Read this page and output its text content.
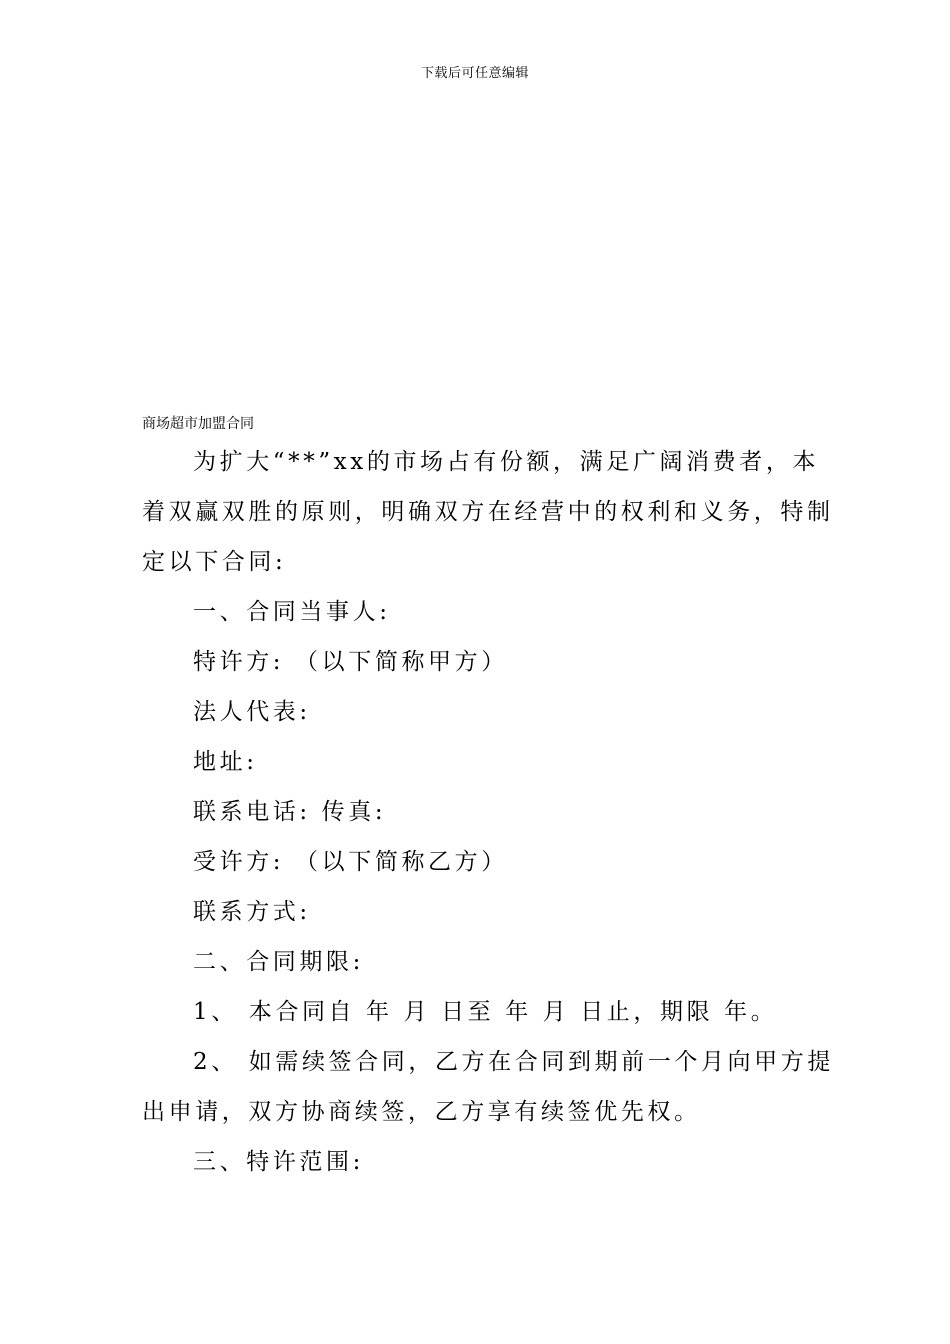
下载后可任意编辑
商场超市加盟合同
为扩大“**”xx的市场占有份额，满足广阔消费者，本
着双赢双胜的原则，明确双方在经营中的权利和义务，特制
定以下合同:

一、合同当事人:

特许方: （以下简称甲方）

法人代表:

地址:

联系电话: 传真:

受许方: （以下简称乙方）

联系方式:

二、合同期限:

1、 本合同自 年 月 日至 年 月 日止，期限 年。

2、 如需续签合同，乙方在合同到期前一个月向甲方提
出申请，双方协商续签，乙方享有续签优先权。

三、特许范围:
